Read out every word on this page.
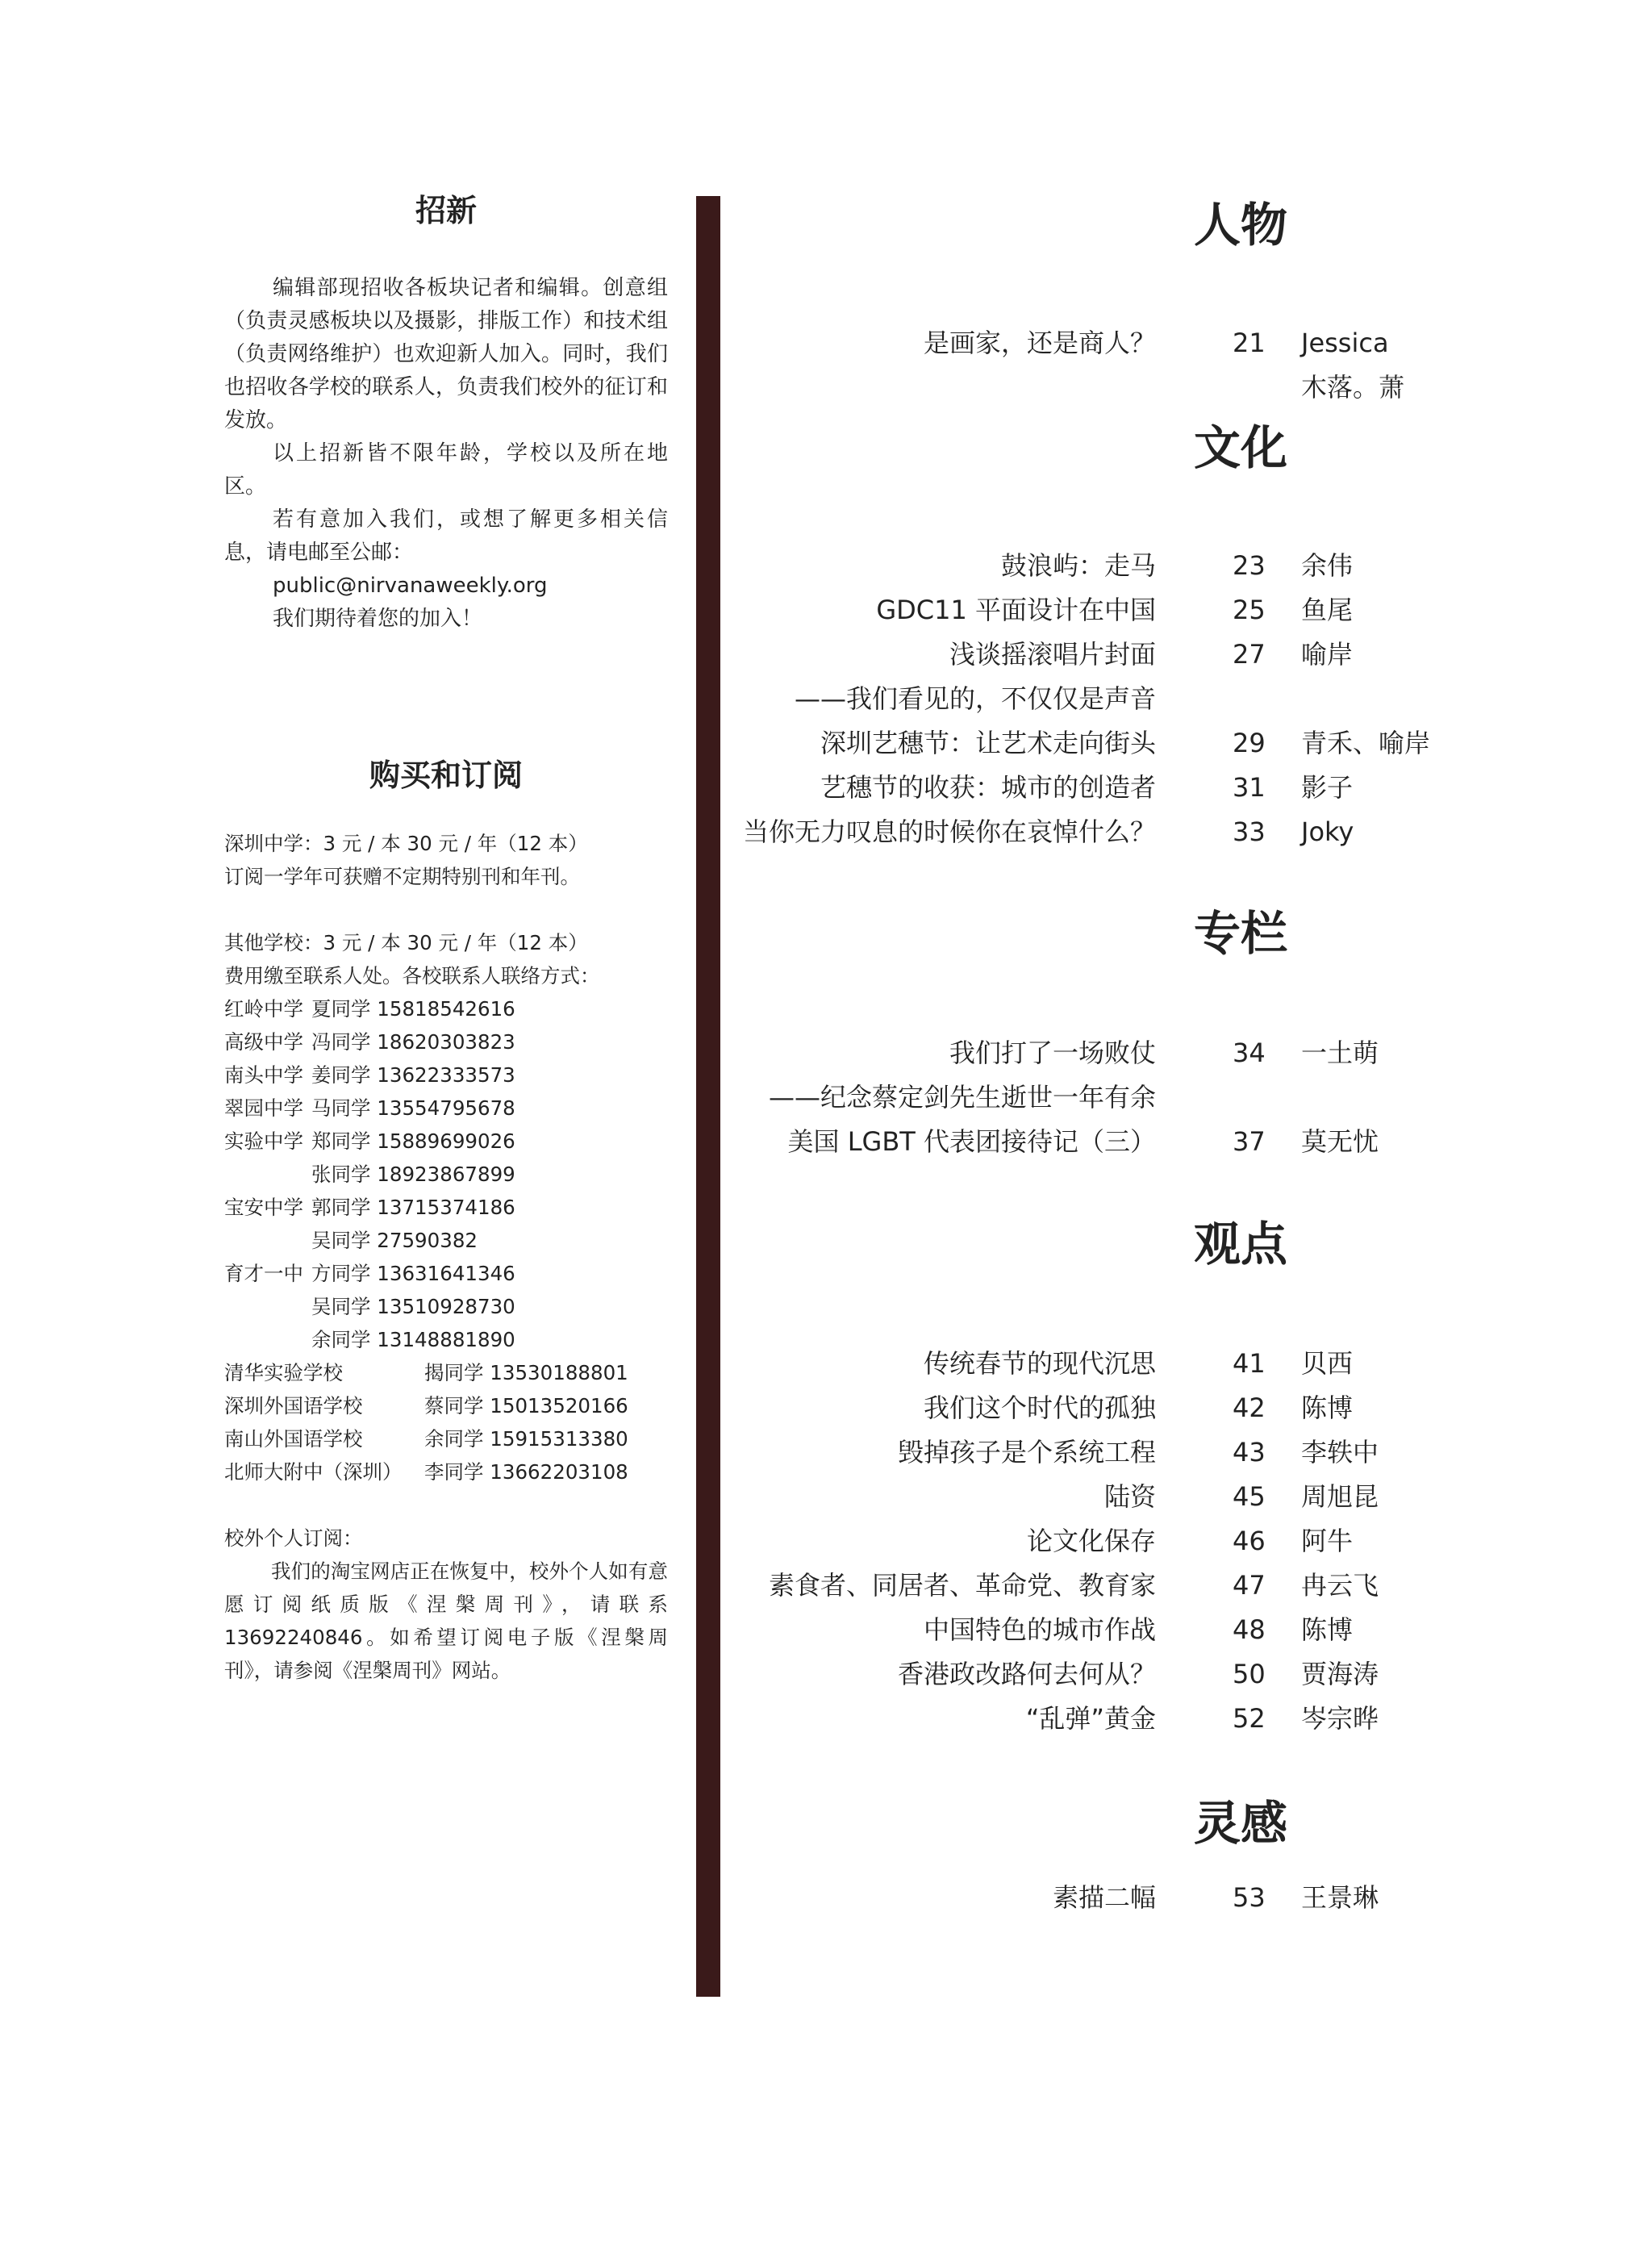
招新

编辑部现招收各板块记者和编辑。创意组（负责灵感板块以及摄影，排版工作）和技术组（负责网络维护）也欢迎新人加入。同时，我们也招收各学校的联系人，负责我们校外的征订和发放。

以上招新皆不限年龄，学校以及所在地区。

若有意加入我们，或想了解更多相关信息，请电邮至公邮：

public@nirvanaweekly.org

我们期待着您的加入！

购买和订阅

深圳中学：3 元 / 本 30 元 / 年（12 本）

订阅一学年可获赠不定期特别刊和年刊。

其他学校：3 元 / 本 30 元 / 年（12 本）

费用缴至联系人处。各校联系人联络方式：

红岭中学 夏同学 15818542616
高级中学 冯同学 18620303823
南头中学 姜同学 13622333573
翠园中学 马同学 13554795678
实验中学 郑同学 15889699026
张同学 18923867899
宝安中学 郭同学 13715374186
吴同学 27590382
育才一中 方同学 13631641346
吴同学 13510928730
余同学 13148881890
清华实验学校	揭同学 13530188801
深圳外国语学校	蔡同学 15013520166
南山外国语学校	余同学 15915313380
北师大附中（深圳）	李同学 13662203108

校外个人订阅：

我们的淘宝网店正在恢复中，校外个人如有意愿订阅纸质版《涅槃周刊》，请联系13692240846。如希望订阅电子版《涅槃周刊》，请参阅《涅槃周刊》网站。

人物
是画家，还是商人？	21 Jessica
木落。萧
文化
鼓浪屿：走马	23 余伟
GDC11 平面设计在中国	25 鱼尾
浅谈摇滚唱片封面	27 喻岸
——我们看见的，不仅仅是声音
深圳艺穗节：让艺术走向街头	29 青禾、喻岸
艺穗节的收获：城市的创造者	31 影子
当你无力叹息的时候你在哀悼什么？	33 Joky
专栏
我们打了一场败仗	34 一土萌
——纪念蔡定剑先生逝世一年有余
美国 LGBT 代表团接待记（三）	37 莫无忧
观点
传统春节的现代沉思	41 贝西
我们这个时代的孤独	42 陈博
毁掉孩子是个系统工程	43 李轶中
陆资	45 周旭昆
论文化保存	46 阿牛
素食者、同居者、革命党、教育家	47 冉云飞
中国特色的城市作战	48 陈博
香港政改路何去何从？	50 贾海涛
“乱弹”黄金	52 岑宗晔
灵感
素描二幅	53 王景琳
